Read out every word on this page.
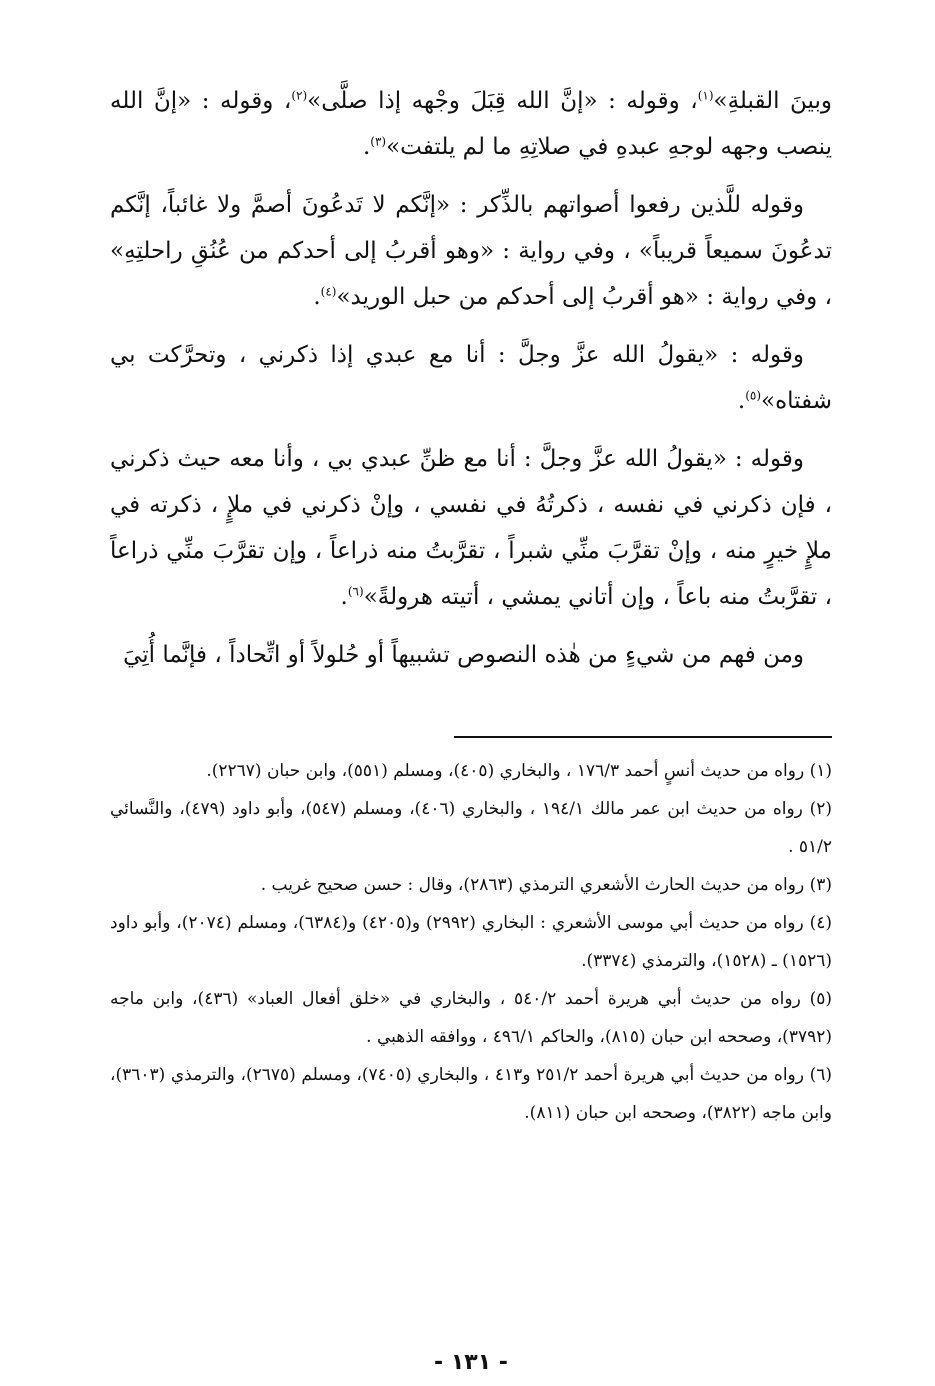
وبينَ القبلةِ»$^{(١)}$، وقوله : «إنَّ الله قِبَلَ وجْهه إذا صلَّى»$^{(٢)}$، وقوله : «إنَّ الله ينصب وجهه لوجهِ عبدهِ في صلاتِهِ ما لم يلتفت»$^{(٣)}$.

وقوله للَّذين رفعوا أصواتهم بالذِّكر : «إنَّكم لا تَدعُونَ أصمَّ ولا غائباً، إنَّكم تدعُونَ سميعاً قريباً» ، وفي رواية : «وهو أقربُ إلى أحدكم من عُنُقِ راحلتِهِ» ، وفي رواية : «هو أقربُ إلى أحدكم من حبل الوريد»$^{(٤)}$.

وقوله : «يقولُ الله عزَّ وجلَّ : أنا مع عبدي إذا ذكرني ، وتحرَّكت بي شفتاه»$^{(٥)}$.

وقوله : «يقولُ الله عزَّ وجلَّ : أنا مع ظنِّ عبدي بي ، وأنا معه حيث ذكرني ، فإن ذكرني في نفسه ، ذكرتُهُ في نفسي ، وإنْ ذكرني في ملإٍ ، ذكرته في ملإٍ خيرٍ منه ، وإنْ تقرَّبَ منِّي شبراً ، تقرَّبتُ منه ذراعاً ، وإن تقرَّبَ منِّي ذراعاً ، تقرَّبتُ منه باعاً ، وإن أتاني يمشي ، أتيته هرولةً»$^{(٦)}$.

ومن فهم من شيءٍ من هٰذه النصوص تشبيهاً أو حُلولاً أو اتِّحاداً ، فإنَّما أُتِيَ

(١) رواه من حديث أنسٍ أحمد ١٧٦/٣ ، والبخاري (٤٠٥)، ومسلم (٥٥١)، وابن حبان (٢٢٦٧).

(٢) رواه من حديث ابن عمر مالك ١٩٤/١ ، والبخاري (٤٠٦)، ومسلم (٥٤٧)، وأبو داود (٤٧٩)، والنَّسائي ٥١/٢ .

(٣) رواه من حديث الحارث الأشعري الترمذي (٢٨٦٣)، وقال : حسن صحيح غريب .

(٤) رواه من حديث أبي موسى الأشعري : البخاري (٢٩٩٢) و(٤٢٠٥) و(٦٣٨٤)، ومسلم (٢٠٧٤)، وأبو داود (١٥٢٦) ـ (١٥٢٨)، والترمذي (٣٣٧٤).

(٥) رواه من حديث أبي هريرة أحمد ٥٤٠/٢ ، والبخاري في «خلق أفعال العباد» (٤٣٦)، وابن ماجه (٣٧٩٢)، وصححه ابن حبان (٨١٥)، والحاكم ٤٩٦/١ ، ووافقه الذهبي .

(٦) رواه من حديث أبي هريرة أحمد ٢٥١/٢ و٤١٣ ، والبخاري (٧٤٠٥)، ومسلم (٢٦٧٥)، والترمذي (٣٦٠٣)، وابن ماجه (٣٨٢٢)، وصححه ابن حبان (٨١١).

- ١٣١ -
